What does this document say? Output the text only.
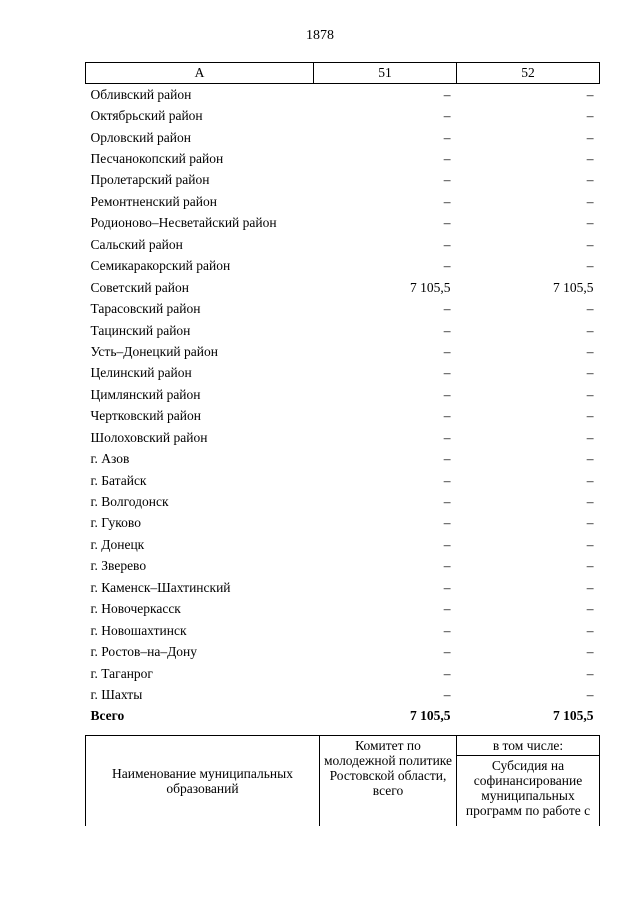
1878
А	51	52
Обливский район	–	–
Октябрьский район	–	–
Орловский район	–	–
Песчанокопский район	–	–
Пролетарский район	–	–
Ремонтненский район	–	–
Родионово–Несветайский район	–	–
Сальский район	–	–
Семикаракорский район	–	–
Советский район	7 105,5	7 105,5
Тарасовский район	–	–
Тацинский район	–	–
Усть–Донецкий район	–	–
Целинский район	–	–
Цимлянский район	–	–
Чертковский район	–	–
Шолоховский район	–	–
г. Азов	–	–
г. Батайск	–	–
г. Волгодонск	–	–
г. Гуково	–	–
г. Донецк	–	–
г. Зверево	–	–
г. Каменск–Шахтинский	–	–
г. Новочеркасск	–	–
г. Новошахтинск	–	–
г. Ростов–на–Дону	–	–
г. Таганрог	–	–
г. Шахты	–	–
Всего	7 105,5	7 105,5
Наименование муниципальных образований	Комитет по молодежной политике Ростовской области, всего	в том числе:
Субсидия на софинансирование муниципальных программ по работе с
